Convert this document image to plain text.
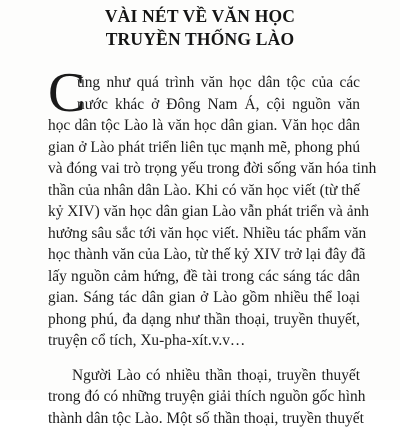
VÀI NÉT VỀ VĂN HỌC
TRUYỀN THỐNG LÀO
C
ũng như quá trình văn học dân tộc của các
nước khác ở Đông Nam Á, cội nguồn văn
học dân tộc Lào là văn học dân gian. Văn học dân
gian ở Lào phát triển liên tục mạnh mẽ, phong phú
và đóng vai trò trọng yếu trong đời sống văn hóa tinh
thần của nhân dân Lào. Khi có văn học viết (từ thế
kỷ XIV) văn học dân gian Lào vẫn phát triển và ảnh
hưởng sâu sắc tới văn học viết. Nhiều tác phẩm văn
học thành văn của Lào, từ thế kỷ XIV trở lại đây đã
lấy nguồn cảm hứng, đề tài trong các sáng tác dân
gian. Sáng tác dân gian ở Lào gồm nhiều thể loại
phong phú, đa dạng như thần thoại, truyền thuyết,
truyện cổ tích, Xu-pha-xít.v.v…
Người Lào có nhiều thần thoại, truyền thuyết
trong đó có những truyện giải thích nguồn gốc hình
thành dân tộc Lào. Một số thần thoại, truyền thuyết
